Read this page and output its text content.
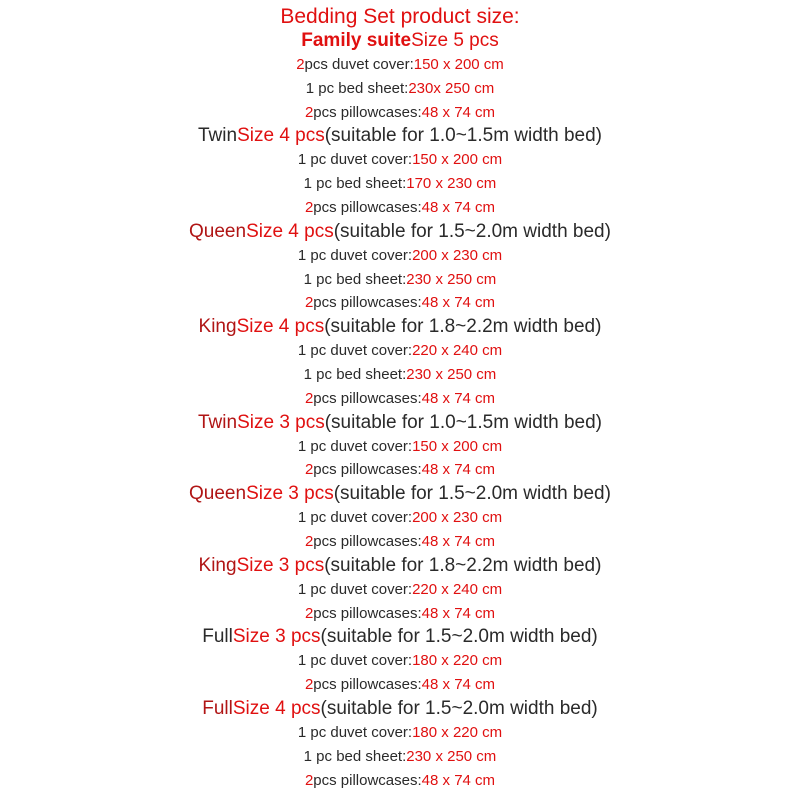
Bedding Set product size:
Family suiteSize 5 pcs
2pcs duvet cover:150 x 200 cm
1 pc bed sheet:230x 250 cm
2pcs pillowcases:48 x 74 cm
TwinSize 4 pcs(suitable for 1.0~1.5m width bed)
1 pc duvet cover:150 x 200 cm
1 pc bed sheet:170 x 230 cm
2pcs pillowcases:48 x 74 cm
QueenSize 4 pcs(suitable for 1.5~2.0m width bed)
1 pc duvet cover:200 x 230 cm
1 pc bed sheet:230 x 250 cm
2pcs pillowcases:48 x 74 cm
KingSize 4 pcs(suitable for 1.8~2.2m width bed)
1 pc duvet cover:220 x 240 cm
1 pc bed sheet:230 x 250 cm
2pcs pillowcases:48 x 74 cm
TwinSize 3 pcs(suitable for 1.0~1.5m width bed)
1 pc duvet cover:150 x 200 cm
2pcs pillowcases:48 x 74 cm
QueenSize 3 pcs(suitable for 1.5~2.0m width bed)
1 pc duvet cover:200 x 230 cm
2pcs pillowcases:48 x 74 cm
KingSize 3 pcs(suitable for 1.8~2.2m width bed)
1 pc duvet cover:220 x 240 cm
2pcs pillowcases:48 x 74 cm
FullSize 3 pcs(suitable for 1.5~2.0m width bed)
1 pc duvet cover:180 x 220 cm
2pcs pillowcases:48 x 74 cm
FullSize 4 pcs(suitable for 1.5~2.0m width bed)
1 pc duvet cover:180 x 220 cm
1 pc bed sheet:230 x 250 cm
2pcs pillowcases:48 x 74 cm
